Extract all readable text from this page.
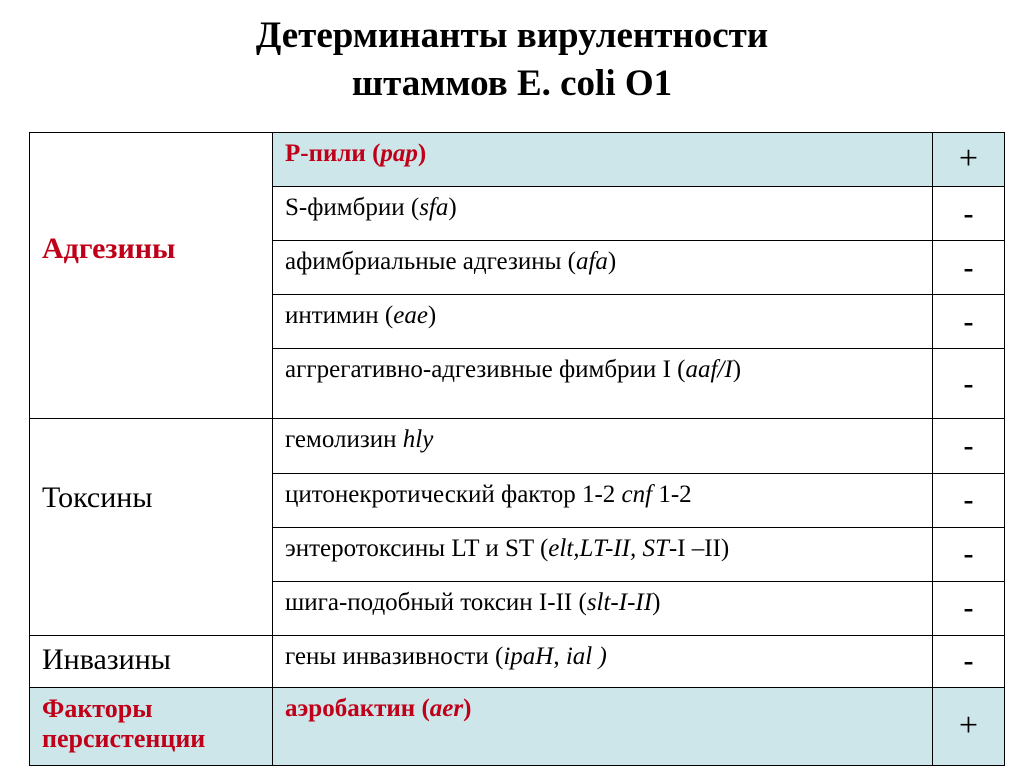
Детерминанты вирулентности
штаммов E. coli O1
Адгезины	Р-пили (pap)	+
	S-фимбрии (sfa)	-
	афимбриальные адгезины (afa)	-
	интимин (eae)	-
	аггрегативно-адгезивные фимбрии I (aaf/I)	-
Токсины	гемолизин hly	-
	цитонекротический фактор 1-2 cnf 1-2	-
	энтеротоксины LT и ST (elt,LT-II, ST-I –II)	-
	шига-подобный токсин I-II (slt-I-II)	-
Инвазины	гены инвазивности (ipaH, ial )	-

Факторы
персистенции	аэробактин (aer)	+
